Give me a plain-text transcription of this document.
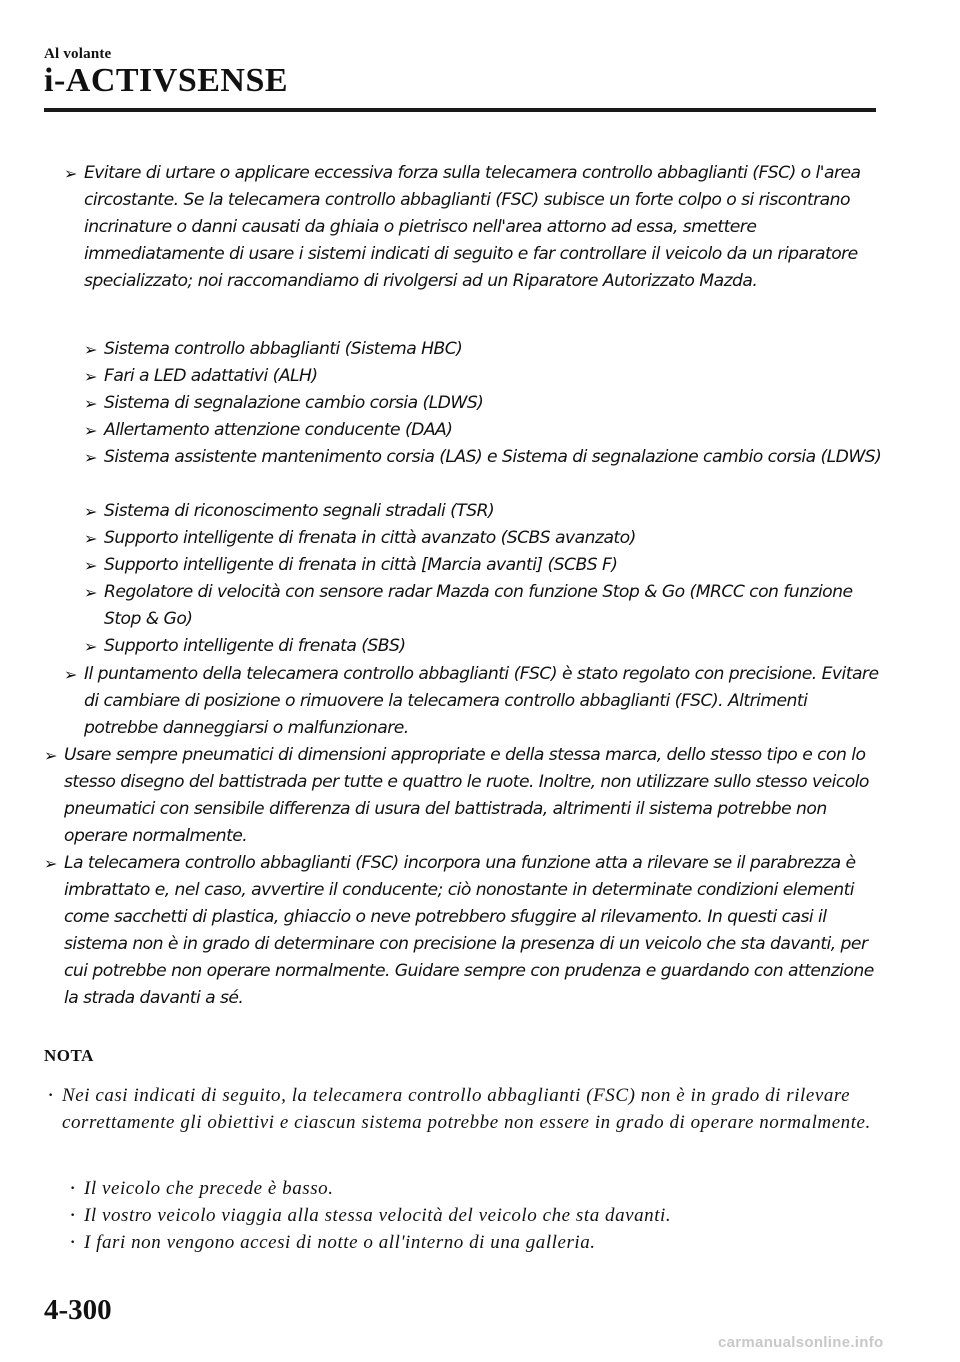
Al volante
i-ACTIVSENSE
➢ Evitare di urtare o applicare eccessiva forza sulla telecamera controllo abbaglianti (FSC) o l'area circostante. Se la telecamera controllo abbaglianti (FSC) subisce un forte colpo o si riscontrano incrinature o danni causati da ghiaia o pietrisco nell'area attorno ad essa, smettere immediatamente di usare i sistemi indicati di seguito e far controllare il veicolo da un riparatore specializzato; noi raccomandiamo di rivolgersi ad un Riparatore Autorizzato Mazda.
➢ Sistema controllo abbaglianti (Sistema HBC)
➢ Fari a LED adattativi (ALH)
➢ Sistema di segnalazione cambio corsia (LDWS)
➢ Allertamento attenzione conducente (DAA)
➢ Sistema assistente mantenimento corsia (LAS) e Sistema di segnalazione cambio corsia (LDWS)
➢ Sistema di riconoscimento segnali stradali (TSR)
➢ Supporto intelligente di frenata in città avanzato (SCBS avanzato)
➢ Supporto intelligente di frenata in città [Marcia avanti] (SCBS F)
➢ Regolatore di velocità con sensore radar Mazda con funzione Stop & Go (MRCC con funzione Stop & Go)
➢ Supporto intelligente di frenata (SBS)
➢ Il puntamento della telecamera controllo abbaglianti (FSC) è stato regolato con precisione. Evitare di cambiare di posizione o rimuovere la telecamera controllo abbaglianti (FSC). Altrimenti potrebbe danneggiarsi o malfunzionare.
➢ Usare sempre pneumatici di dimensioni appropriate e della stessa marca, dello stesso tipo e con lo stesso disegno del battistrada per tutte e quattro le ruote. Inoltre, non utilizzare sullo stesso veicolo pneumatici con sensibile differenza di usura del battistrada, altrimenti il sistema potrebbe non operare normalmente.
➢ La telecamera controllo abbaglianti (FSC) incorpora una funzione atta a rilevare se il parabrezza è imbrattato e, nel caso, avvertire il conducente; ciò nonostante in determinate condizioni elementi come sacchetti di plastica, ghiaccio o neve potrebbero sfuggire al rilevamento. In questi casi il sistema non è in grado di determinare con precisione la presenza di un veicolo che sta davanti, per cui potrebbe non operare normalmente. Guidare sempre con prudenza e guardando con attenzione la strada davanti a sé.
NOTA
· Nei casi indicati di seguito, la telecamera controllo abbaglianti (FSC) non è in grado di rilevare correttamente gli obiettivi e ciascun sistema potrebbe non essere in grado di operare normalmente.
· Il veicolo che precede è basso.
· Il vostro veicolo viaggia alla stessa velocità del veicolo che sta davanti.
· I fari non vengono accesi di notte o all'interno di una galleria.
4-300
carmanualsonline.info
